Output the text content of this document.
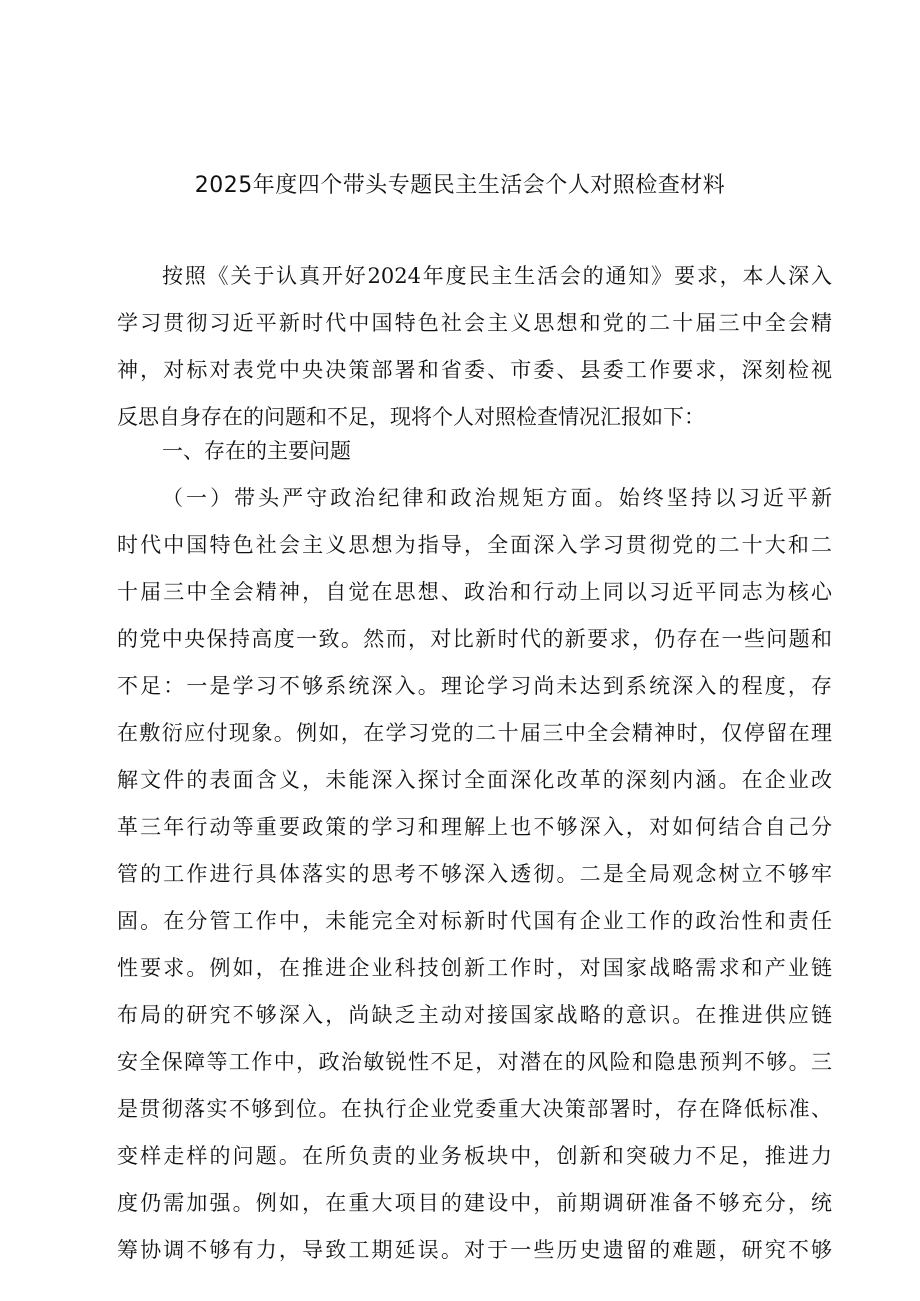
2025年度四个带头专题民主生活会个人对照检查材料
按照《关于认真开好2024年度民主生活会的通知》要求，本人深入
学习贯彻习近平新时代中国特色社会主义思想和党的二十届三中全会精
神，对标对表党中央决策部署和省委、市委、县委工作要求，深刻检视
反思自身存在的问题和不足，现将个人对照检查情况汇报如下：
一、存在的主要问题
（一）带头严守政治纪律和政治规矩方面。始终坚持以习近平新
时代中国特色社会主义思想为指导，全面深入学习贯彻党的二十大和二
十届三中全会精神，自觉在思想、政治和行动上同以习近平同志为核心
的党中央保持高度一致。然而，对比新时代的新要求，仍存在一些问题和
不足：一是学习不够系统深入。理论学习尚未达到系统深入的程度，存
在敷衍应付现象。例如，在学习党的二十届三中全会精神时，仅停留在理
解文件的表面含义，未能深入探讨全面深化改革的深刻内涵。在企业改
革三年行动等重要政策的学习和理解上也不够深入，对如何结合自己分
管的工作进行具体落实的思考不够深入透彻。二是全局观念树立不够牢
固。在分管工作中，未能完全对标新时代国有企业工作的政治性和责任
性要求。例如，在推进企业科技创新工作时，对国家战略需求和产业链
布局的研究不够深入，尚缺乏主动对接国家战略的意识。在推进供应链
安全保障等工作中，政治敏锐性不足，对潜在的风险和隐患预判不够。三
是贯彻落实不够到位。在执行企业党委重大决策部署时，存在降低标准、
变样走样的问题。在所负责的业务板块中，创新和突破力不足，推进力
度仍需加强。例如，在重大项目的建设中，前期调研准备不够充分，统
筹协调不够有力，导致工期延误。对于一些历史遗留的难题，研究不够
